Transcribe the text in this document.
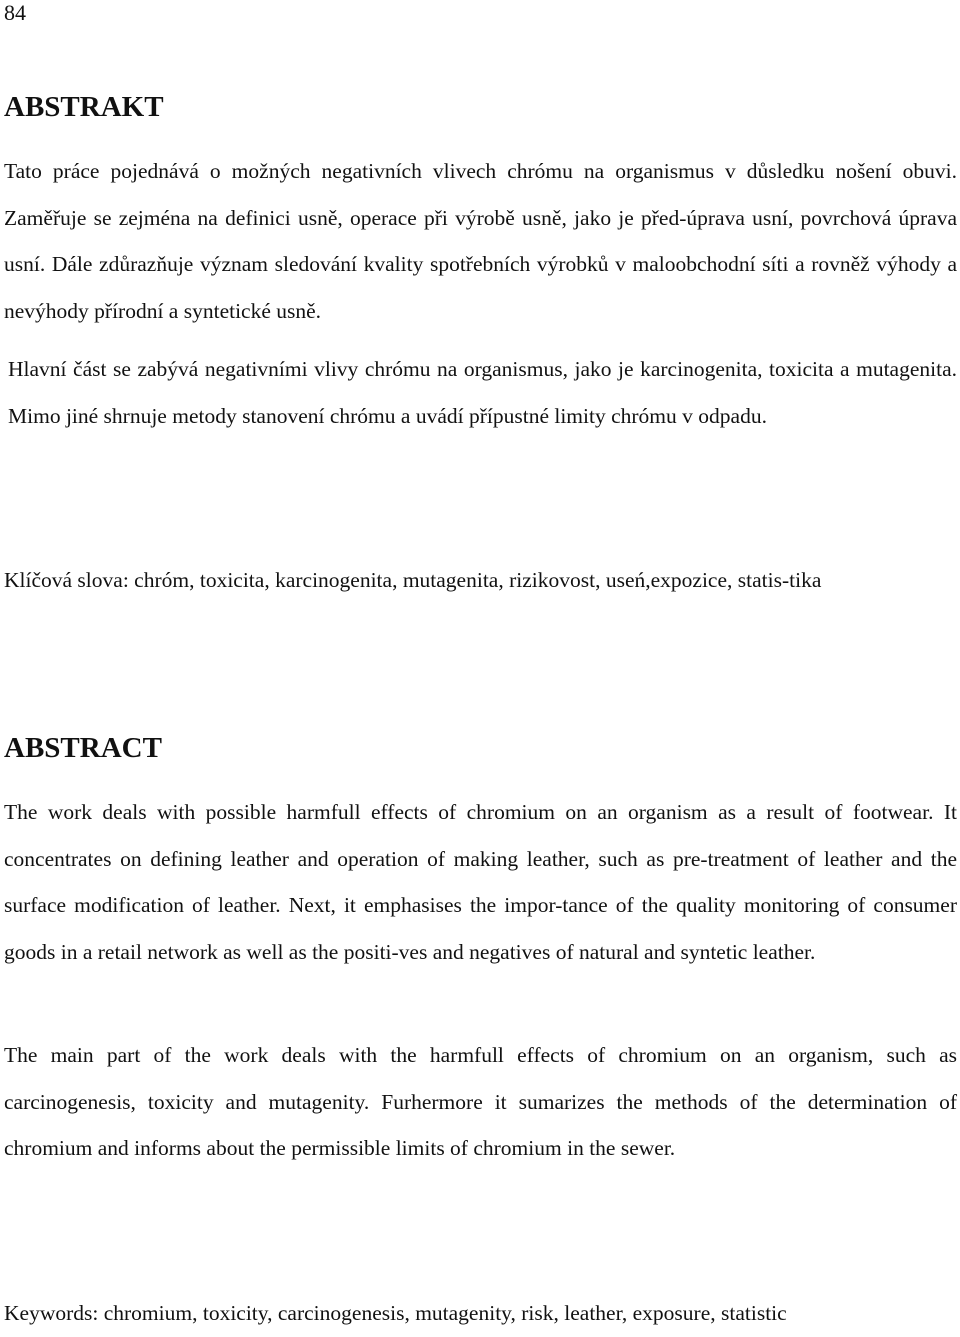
84
ABSTRAKT

Tato práce pojednává o možných negativních vlivech chrómu na organismus v důsledku nošení obuvi. Zaměřuje se zejména na definici usně, operace při výrobě usně, jako je před-úprava usní, povrchová úprava usní. Dále zdůrazňuje význam sledování kvality spotřebních výrobků v maloobchodní síti a rovněž výhody a nevýhody přírodní a syntetické usně.

Hlavní část se zabývá negativními vlivy chrómu na organismus, jako je karcinogenita, toxicita a mutagenita. Mimo jiné shrnuje metody stanovení chrómu a uvádí přípustné limity chrómu v odpadu.

Klíčová slova: chróm, toxicita, karcinogenita, mutagenita, rizikovost, useń,expozice, statis-tika

ABSTRACT

The work deals with possible harmfull effects of chromium on an organism as a result of footwear. It concentrates on defining leather and operation of making leather, such as pre-treatment of leather and the surface modification of leather. Next, it emphasises the impor-tance of the quality monitoring of consumer goods in a retail network as well as the positi-ves and negatives of natural and syntetic leather.

The main part of the work deals with the harmfull effects of chromium on an organism, such as carcinogenesis, toxicity and mutagenity. Furhermore it sumarizes the methods of the determination of chromium and informs about the permissible limits of chromium in the sewer.

Keywords: chromium, toxicity, carcinogenesis, mutagenity, risk, leather, exposure, statistic
